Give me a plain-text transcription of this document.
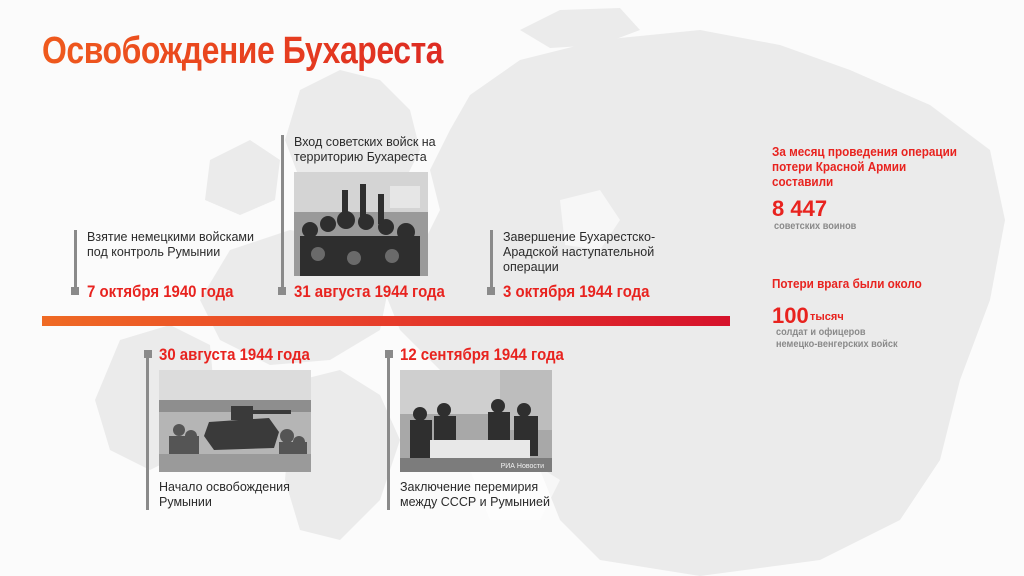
Освобождение Бухареста
Взятие немецкими войсками под контроль Румынии
7 октября 1940 года
Вход советских войск на территорию Бухареста
31 августа 1944 года
Завершение Бухарестско-Арадской наступательной операции
3 октября 1944 года
30 августа 1944 года
Начало освобождения Румынии
12 сентября 1944 года
РИА Новости
Заключение перемирия между СССР и Румынией
За месяц проведения операции потери Красной Армии составили
8 447
советских воинов
Потери врага были около
100 тысяч
солдат и офицеров
немецко-венгерских войск
